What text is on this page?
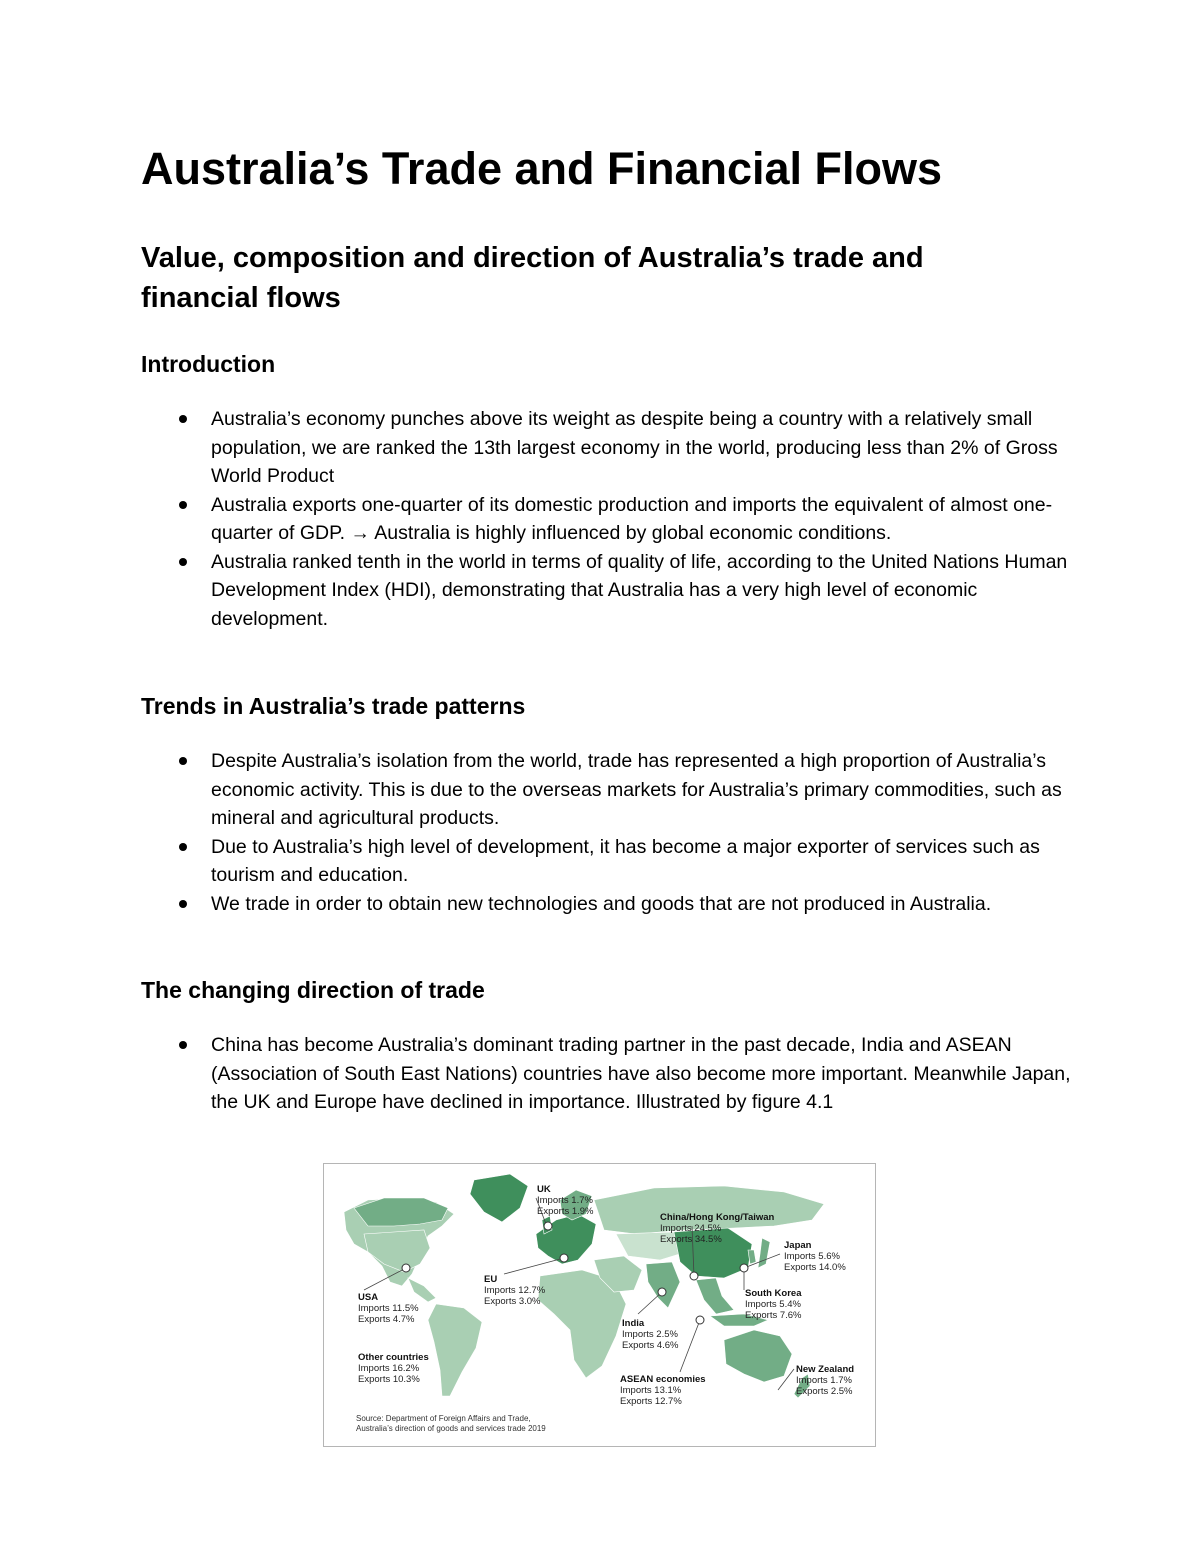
Australia’s Trade and Financial Flows
Value, composition and direction of Australia’s trade and financial flows
Introduction
Australia’s economy punches above its weight as despite being a country with a relatively small population, we are ranked the 13th largest economy in the world, producing less than 2% of Gross World Product
Australia exports one-quarter of its domestic production and imports the equivalent of almost one-quarter of GDP. → Australia is highly influenced by global economic conditions.
Australia ranked tenth in the world in terms of quality of life, according to the United Nations Human Development Index (HDI), demonstrating that Australia has a very high level of economic development.
Trends in Australia’s trade patterns
Despite Australia’s isolation from the world, trade has represented a high proportion of Australia’s economic activity. This is due to the overseas markets for Australia’s primary commodities, such as mineral and agricultural products.
Due to Australia’s high level of development, it has become a major exporter of services such as tourism and education.
We trade in order to obtain new technologies and goods that are not produced in Australia.
The changing direction of trade
China has become Australia’s dominant trading partner in the past decade, India and ASEAN (Association of South East Nations) countries have also become more important. Meanwhile Japan, the UK and Europe have declined in importance. Illustrated by figure 4.1
UK
Imports 1.7%
Exports 1.9%
China/Hong Kong/Taiwan
Imports 24.5%
Exports 34.5%
Japan
Imports 5.6%
Exports 14.0%
EU
Imports 12.7%
Exports 3.0%
USA
Imports 11.5%
Exports 4.7%
South Korea
Imports 5.4%
Exports 7.6%
India
Imports 2.5%
Exports 4.6%
Other countries
Imports 16.2%
Exports 10.3%
New Zealand
Imports 1.7%
Exports 2.5%
ASEAN economies
Imports 13.1%
Exports 12.7%
Source: Department of Foreign Affairs and Trade,
Australia’s direction of goods and services trade 2019
